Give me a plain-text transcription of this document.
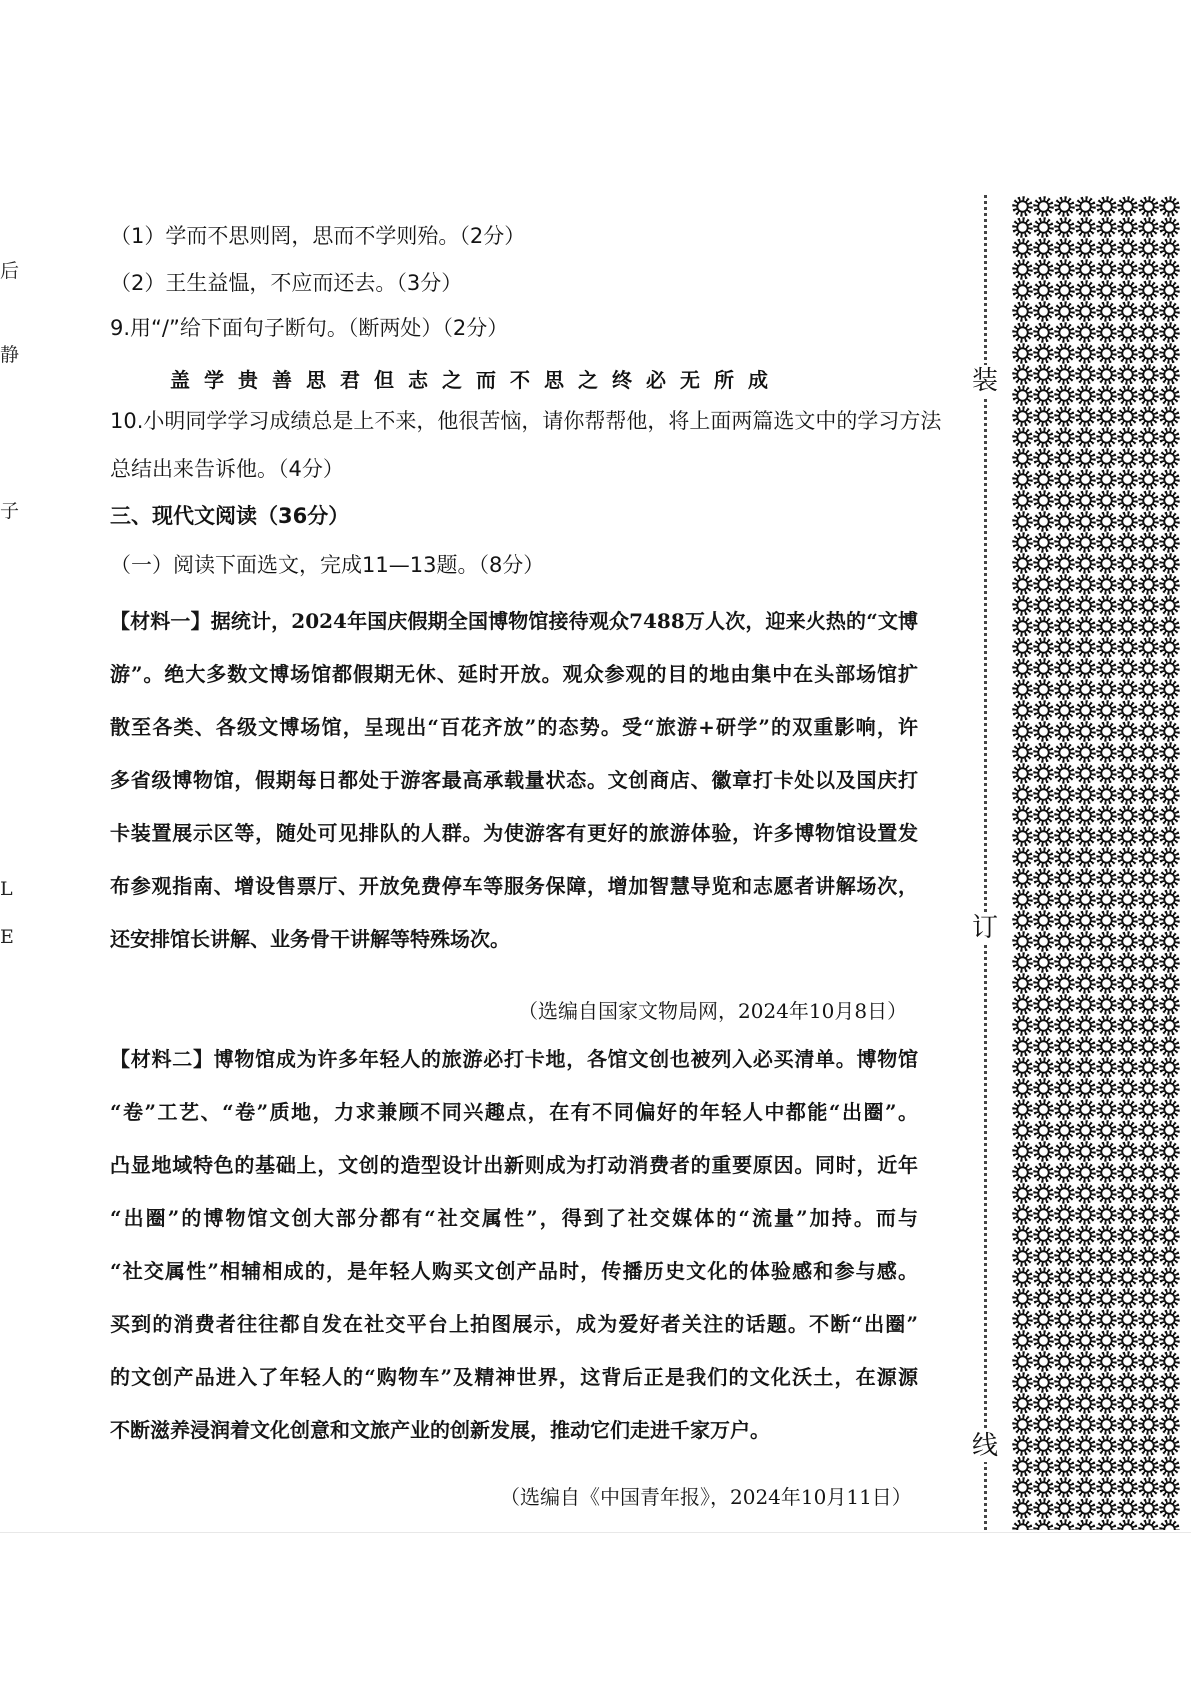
后
静
子
L
E
（1）学而不思则罔，思而不学则殆。（2分）
（2）王生益愠，不应而还去。（3分）
9.用“/”给下面句子断句。（断两处）（2分）
盖学贵善思君但志之而不思之终必无所成
10.小明同学学习成绩总是上不来，他很苦恼，请你帮帮他，将上面两篇选文中的学习方法
总结出来告诉他。（4分）
三、现代文阅读（36分）
（一）阅读下面选文，完成11—13题。（8分）
【材料一】据统计，2024年国庆假期全国博物馆接待观众7488万人次，迎来火热的“文博
游”。绝大多数文博场馆都假期无休、延时开放。观众参观的目的地由集中在头部场馆扩
散至各类、各级文博场馆，呈现出“百花齐放”的态势。受“旅游+研学”的双重影响，许
多省级博物馆，假期每日都处于游客最高承载量状态。文创商店、徽章打卡处以及国庆打
卡装置展示区等，随处可见排队的人群。为使游客有更好的旅游体验，许多博物馆设置发
布参观指南、增设售票厅、开放免费停车等服务保障，增加智慧导览和志愿者讲解场次，
还安排馆长讲解、业务骨干讲解等特殊场次。
（选编自国家文物局网，2024年10月8日）
【材料二】博物馆成为许多年轻人的旅游必打卡地，各馆文创也被列入必买清单。博物馆
“卷”工艺、“卷”质地，力求兼顾不同兴趣点，在有不同偏好的年轻人中都能“出圈”。
凸显地域特色的基础上，文创的造型设计出新则成为打动消费者的重要原因。同时，近年
“出圈”的博物馆文创大部分都有“社交属性”，得到了社交媒体的“流量”加持。而与
“社交属性”相辅相成的，是年轻人购买文创产品时，传播历史文化的体验感和参与感。
买到的消费者往往都自发在社交平台上拍图展示，成为爱好者关注的话题。不断“出圈”
的文创产品进入了年轻人的“购物车”及精神世界，这背后正是我们的文化沃土，在源源
不断滋养浸润着文化创意和文旅产业的创新发展，推动它们走进千家万户。
（选编自《中国青年报》，2024年10月11日）
装
订
线
